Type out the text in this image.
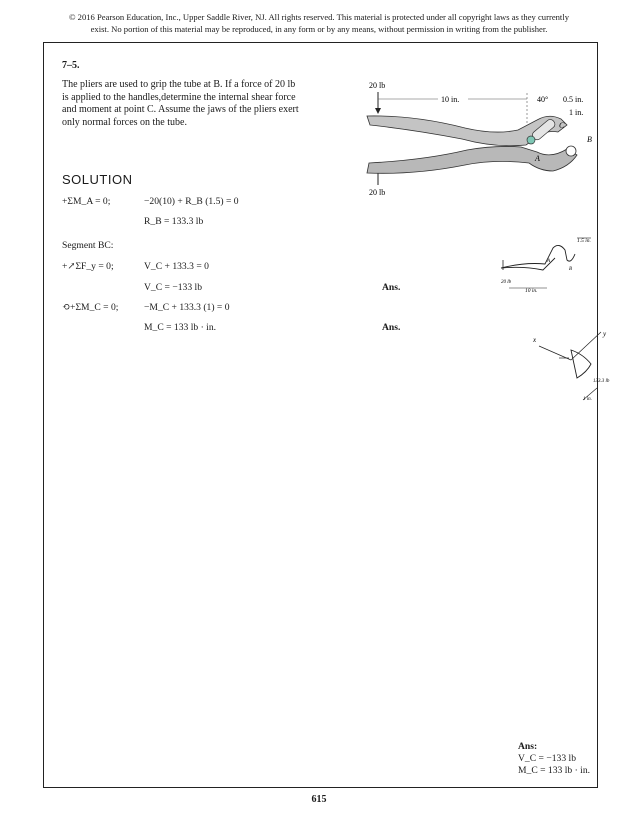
© 2016 Pearson Education, Inc., Upper Saddle River, NJ. All rights reserved. This material is protected under all copyright laws as they currently
exist. No portion of this material may be reproduced, in any form or by any means, without permission in writing from the publisher.
7–5.
The pliers are used to grip the tube at B. If a force of 20 lb
is applied to the handles,determine the internal shear force
and moment at point C. Assume the jaws of the pliers exert
only normal forces on the tube.
20 lb
20 lb
10 in.	40° 0.5 in.
1 in.
A
B
C
SOLUTION
+ΣM_A = 0;	−20(10) + R_B (1.5) = 0
R_B = 133.3 lb
Segment BC:
+↗ΣF_y = 0;	V_C + 133.3 = 0
V_C = −133 lb	Ans.
⟲+ΣM_C = 0;	−M_C + 133.3 (1) = 0
M_C = 133 lb · in.	Ans.
1.5 in.
20 lb
10 in.
A
B
x
y
1 in.
133.3 lb
Ans:
V_C = −133 lb
M_C = 133 lb · in.
615
